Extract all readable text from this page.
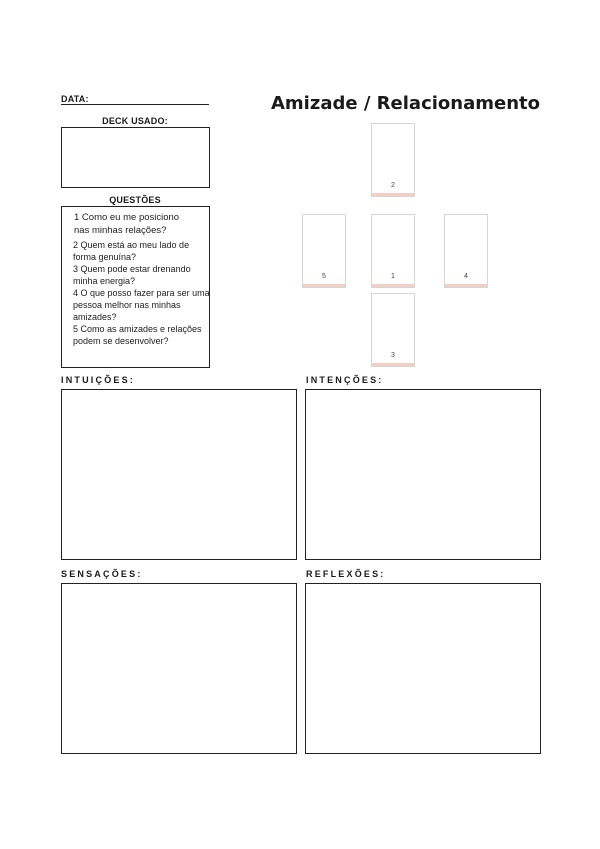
DATA:
DECK USADO:
QUESTÕES
1 Como eu me posiciono
nas minhas relações?
2 Quem está ao meu lado de
forma genuína?
3 Quem pode estar drenando
minha energia?
4 O que posso fazer para ser uma
pessoa melhor nas minhas
amizades?
5 Como as amizades e relações
podem se desenvolver?
Amizade / Relacionamento
2
5	1	4
3
INTUIÇÕES:	INTENÇÕES:
SENSAÇÕES:	REFLEXÕES:
